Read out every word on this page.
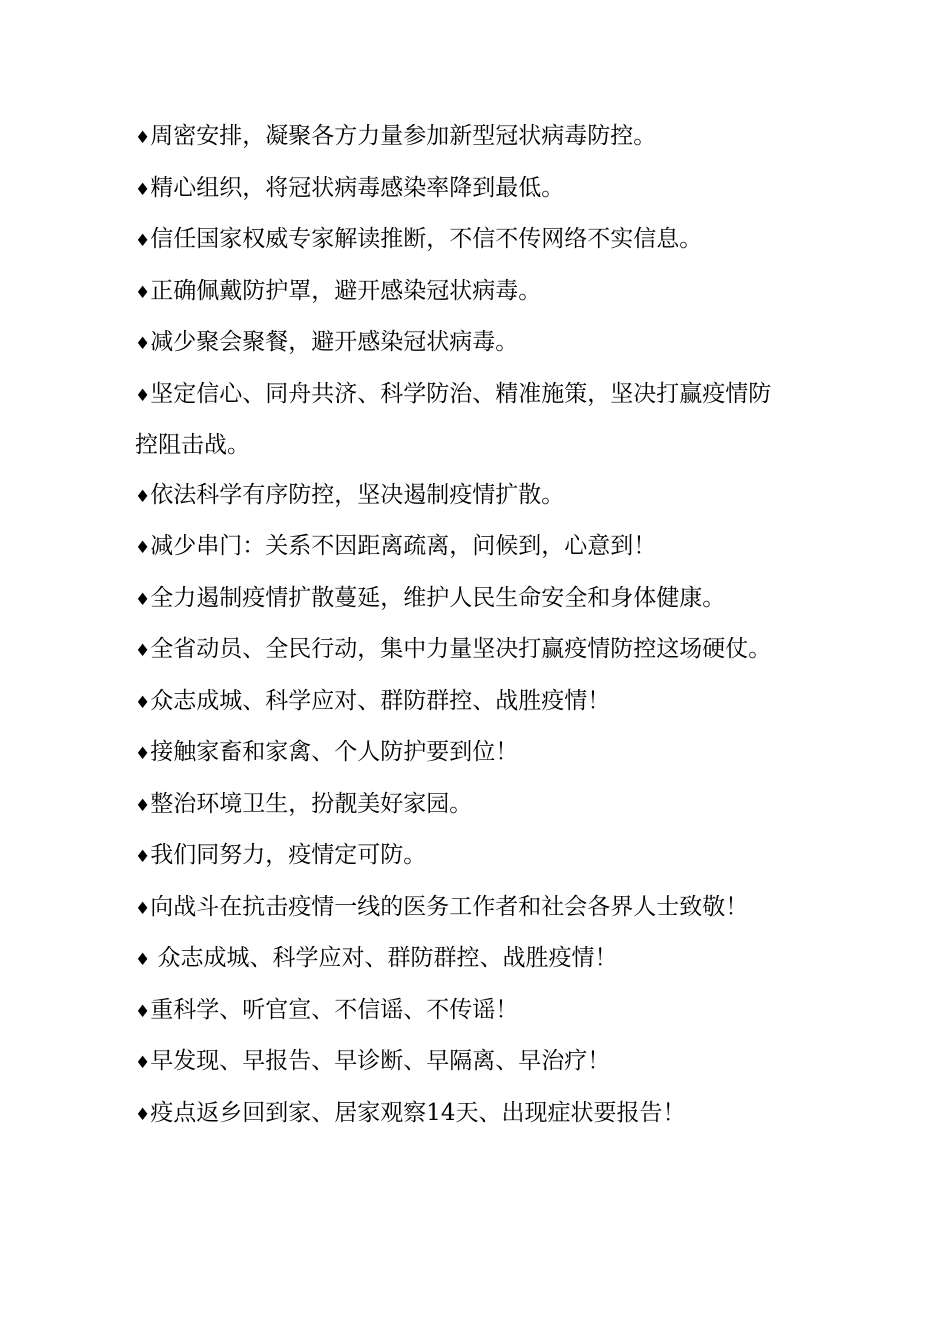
♦周密安排，凝聚各方力量参加新型冠状病毒防控。

♦精心组织，将冠状病毒感染率降到最低。

♦信任国家权威专家解读推断，不信不传网络不实信息。

♦正确佩戴防护罩，避开感染冠状病毒。

♦减少聚会聚餐，避开感染冠状病毒。

♦坚定信心、同舟共济、科学防治、精准施策，坚决打赢疫情防控阻击战。

♦依法科学有序防控，坚决遏制疫情扩散。

♦减少串门：关系不因距离疏离，问候到，心意到！

♦全力遏制疫情扩散蔓延，维护人民生命安全和身体健康。

♦全省动员、全民行动，集中力量坚决打赢疫情防控这场硬仗。

♦众志成城、科学应对、群防群控、战胜疫情！

♦接触家畜和家禽、个人防护要到位！

♦整治环境卫生，扮靓美好家园。

♦我们同努力，疫情定可防。

♦向战斗在抗击疫情一线的医务工作者和社会各界人士致敬！

♦ 众志成城、科学应对、群防群控、战胜疫情！

♦重科学、听官宣、不信谣、不传谣！

♦早发现、早报告、早诊断、早隔离、早治疗！

♦疫点返乡回到家、居家观察14天、出现症状要报告！
